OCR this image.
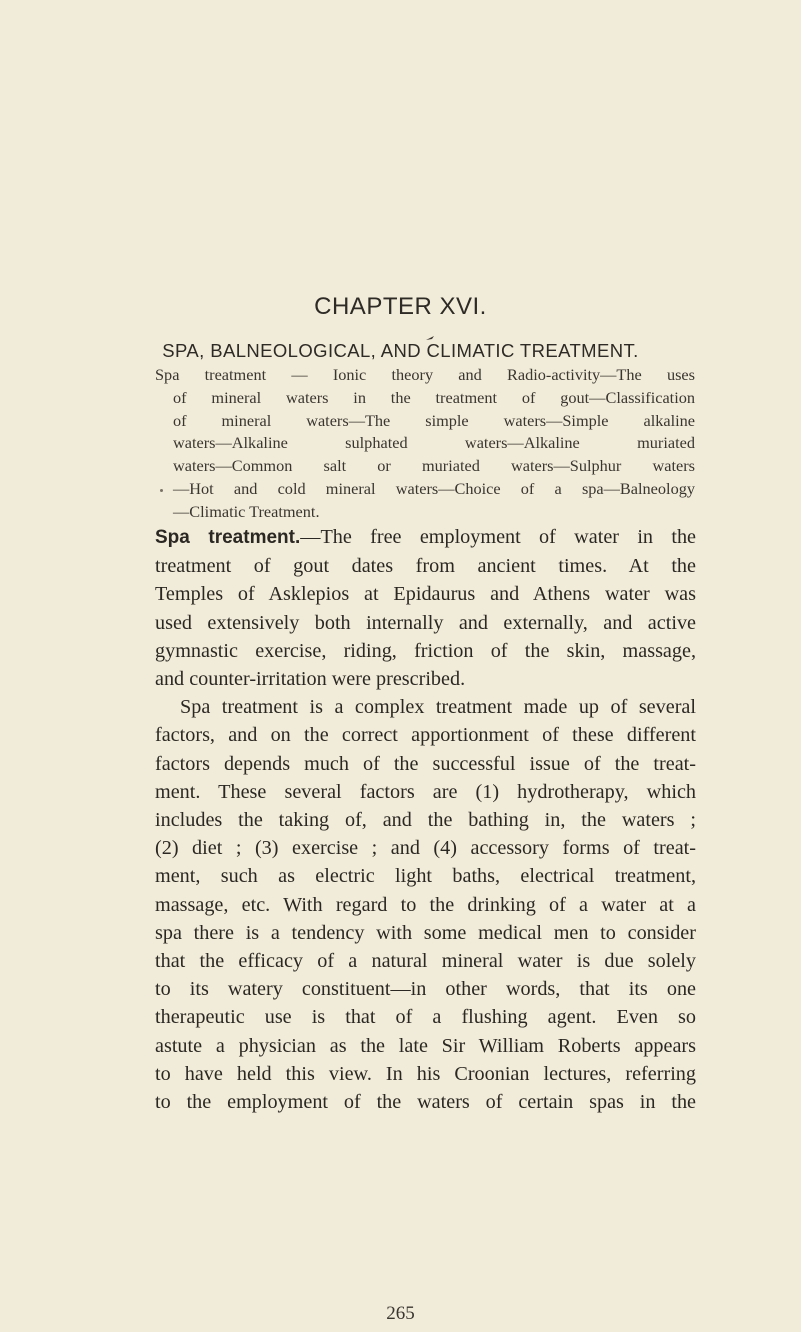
CHAPTER XVI.
SPA, BALNEOLOGICAL, AND CLIMATIC TREATMENT.
Spa treatment — Ionic theory and Radio-activity—The uses
of mineral waters in the treatment of gout—Classification
of mineral waters—The simple waters—Simple alkaline
waters—Alkaline sulphated waters—Alkaline muriated
waters—Common salt or muriated waters—Sulphur waters
—Hot and cold mineral waters—Choice of a spa—Balneology
—Climatic Treatment.
Spa treatment.—The free employment of water in the
treatment of gout dates from ancient times. At the
Temples of Asklepios at Epidaurus and Athens water was
used extensively both internally and externally, and active
gymnastic exercise, riding, friction of the skin, massage,
and counter-irritation were prescribed.
Spa treatment is a complex treatment made up of several
factors, and on the correct apportionment of these different
factors depends much of the successful issue of the treat-
ment. These several factors are (1) hydrotherapy, which
includes the taking of, and the bathing in, the waters ;
(2) diet ; (3) exercise ; and (4) accessory forms of treat-
ment, such as electric light baths, electrical treatment,
massage, etc. With regard to the drinking of a water at a
spa there is a tendency with some medical men to consider
that the efficacy of a natural mineral water is due solely
to its watery constituent—in other words, that its one
therapeutic use is that of a flushing agent. Even so
astute a physician as the late Sir William Roberts appears
to have held this view. In his Croonian lectures, referring
to the employment of the waters of certain spas in the
265
